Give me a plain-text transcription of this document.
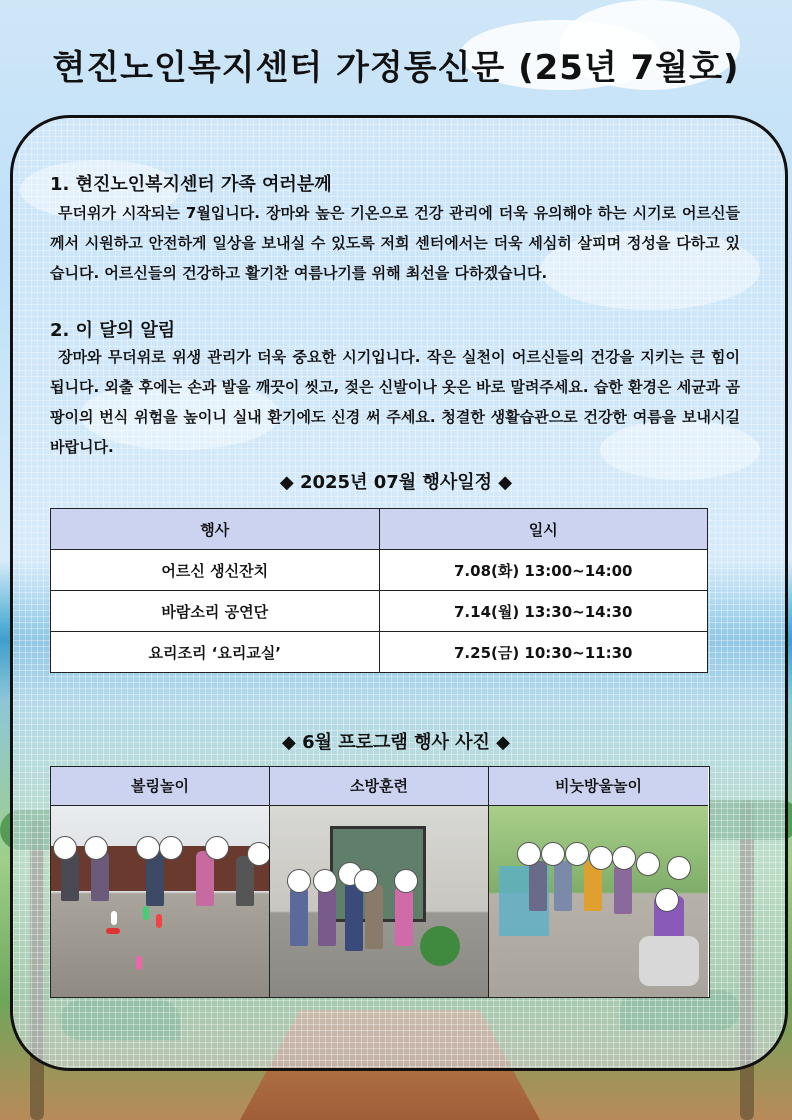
현진노인복지센터 가정통신문 (25년 7월호)
1. 현진노인복지센터 가족 여러분께
무더위가 시작되는 7월입니다. 장마와 높은 기온으로 건강 관리에 더욱 유의해야 하는 시기로 어르신들께서 시원하고 안전하게 일상을 보내실 수 있도록 저희 센터에서는 더욱 세심히 살피며 정성을 다하고 있습니다. 어르신들의 건강하고 활기찬 여름나기를 위해 최선을 다하겠습니다.
2. 이 달의 알림
장마와 무더위로 위생 관리가 더욱 중요한 시기입니다. 작은 실천이 어르신들의 건강을 지키는 큰 힘이 됩니다. 외출 후에는 손과 발을 깨끗이 씻고, 젖은 신발이나 옷은 바로 말려주세요. 습한 환경은 세균과 곰팡이의 번식 위험을 높이니 실내 환기에도 신경 써 주세요. 청결한 생활습관으로 건강한 여름을 보내시길 바랍니다.
◆ 2025년 07월 행사일정 ◆
행사	일시
어르신 생신잔치	7.08(화) 13:00~14:00
바람소리 공연단	7.14(월) 13:30~14:30
요리조리 ‘요리교실’	7.25(금) 10:30~11:30
◆ 6월 프로그램 행사 사진 ◆
볼링놀이	소방훈련	비눗방울놀이
